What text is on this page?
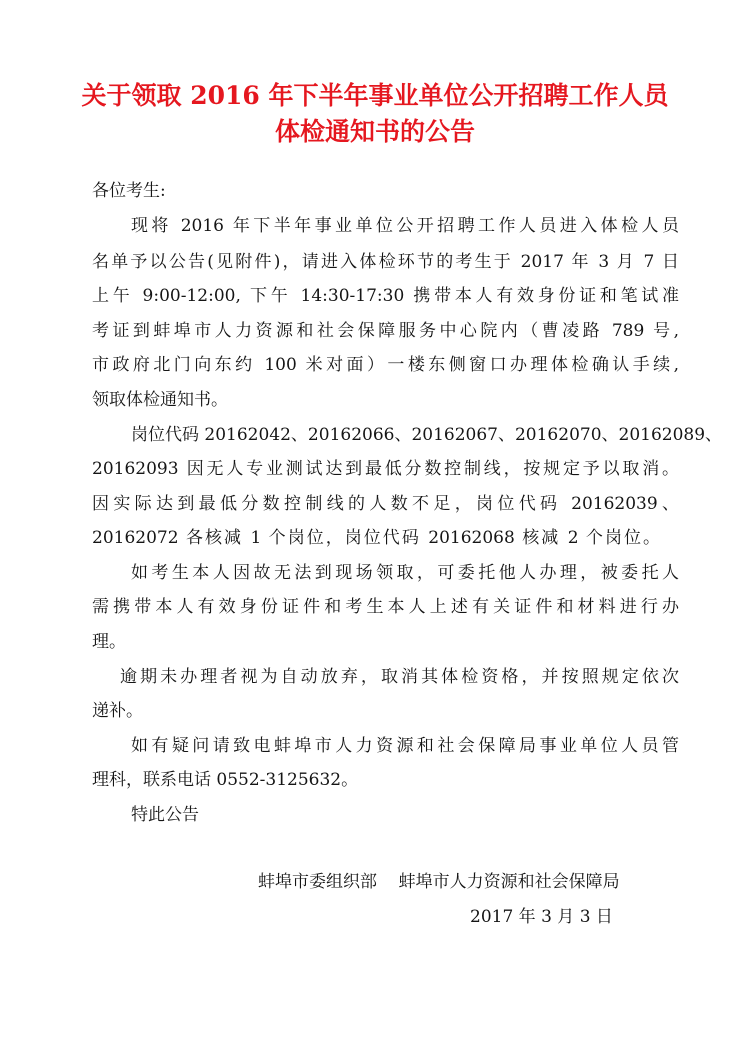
关于领取 2016 年下半年事业单位公开招聘工作人员
体检通知书的公告
各位考生:
现将 2016 年下半年事业单位公开招聘工作人员进入体检人员
名单予以公告(见附件)，请进入体检环节的考生于 2017 年 3 月 7 日
上午 9:00-12:00, 下午 14:30-17:30 携带本人有效身份证和笔试准
考证到蚌埠市人力资源和社会保障服务中心院内（曹凌路 789 号,
市政府北门向东约 100 米对面）一楼东侧窗口办理体检确认手续,
领取体检通知书。
岗位代码 20162042、20162066、20162067、20162070、20162089、
20162093 因无人专业测试达到最低分数控制线，按规定予以取消。
因实际达到最低分数控制线的人数不足，岗位代码 20162039、
20162072 各核减 1 个岗位，岗位代码 20162068 核减 2 个岗位。
如考生本人因故无法到现场领取，可委托他人办理，被委托人
需携带本人有效身份证件和考生本人上述有关证件和材料进行办
理。
逾期未办理者视为自动放弃，取消其体检资格，并按照规定依次
递补。
如有疑问请致电蚌埠市人力资源和社会保障局事业单位人员管
理科，联系电话 0552-3125632。
特此公告
蚌埠市委组织部    蚌埠市人力资源和社会保障局
2017 年 3 月 3 日
